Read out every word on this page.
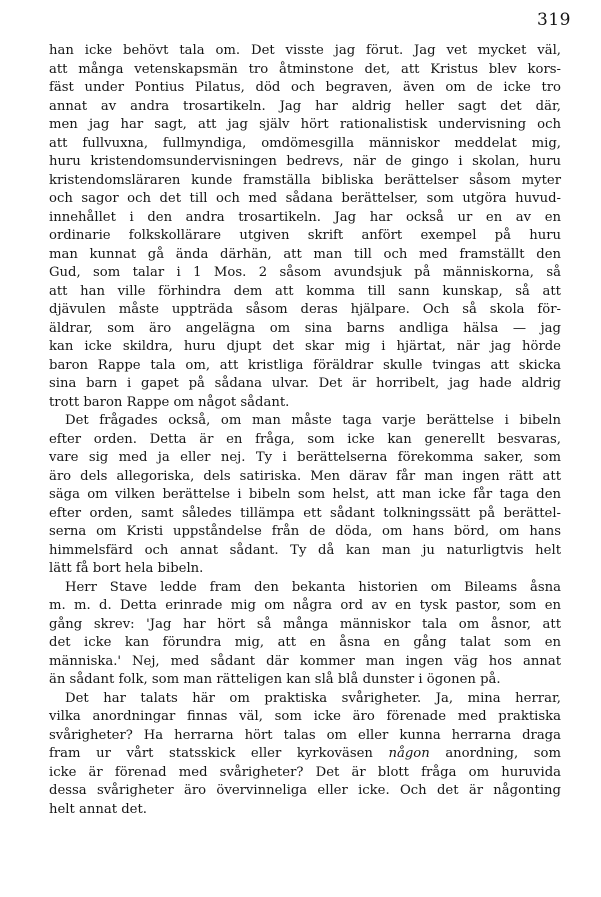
319
han icke behövt tala om. Det visste jag förut. Jag vet mycket väl,
att många vetenskapsmän tro åtminstone det, att Kristus blev kors-
fäst under Pontius Pilatus, död och begraven, även om de icke tro
annat av andra trosartikeln. Jag har aldrig heller sagt det där,
men jag har sagt, att jag själv hört rationalistisk undervisning och
att fullvuxna, fullmyndiga, omdömesgilla människor meddelat mig,
huru kristendomsundervisningen bedrevs, när de gingo i skolan, huru
kristendomsläraren kunde framställa bibliska berättelser såsom myter
och sagor och det till och med sådana berättelser, som utgöra huvud-
innehållet i den andra trosartikeln. Jag har också ur en av en
ordinarie folkskollärare utgiven skrift anfört exempel på huru
man kunnat gå ända därhän, att man till och med framställt den
Gud, som talar i 1 Mos. 2 såsom avundsjuk på människorna, så
att han ville förhindra dem att komma till sann kunskap, så att
djävulen måste uppträda såsom deras hjälpare. Och så skola för-
äldrar, som äro angelägna om sina barns andliga hälsa — jag
kan icke skildra, huru djupt det skar mig i hjärtat, när jag hörde
baron Rappe tala om, att kristliga föräldrar skulle tvingas att skicka
sina barn i gapet på sådana ulvar. Det är horribelt, jag hade aldrig
trott baron Rappe om något sådant.
Det frågades också, om man måste taga varje berättelse i bibeln
efter orden. Detta är en fråga, som icke kan generellt besvaras,
vare sig med ja eller nej. Ty i berättelserna förekomma saker, som
äro dels allegoriska, dels satiriska. Men därav får man ingen rätt att
säga om vilken berättelse i bibeln som helst, att man icke får taga den
efter orden, samt således tillämpa ett sådant tolkningssätt på berättel-
serna om Kristi uppståndelse från de döda, om hans börd, om hans
himmelsfärd och annat sådant. Ty då kan man ju naturligtvis helt
lätt få bort hela bibeln.
Herr Stave ledde fram den bekanta historien om Bileams åsna
m. m. d. Detta erinrade mig om några ord av en tysk pastor, som en
gång skrev: 'Jag har hört så många människor tala om åsnor, att
det icke kan förundra mig, att en åsna en gång talat som en
människa.' Nej, med sådant där kommer man ingen väg hos annat
än sådant folk, som man rätteligen kan slå blå dunster i ögonen på.
Det har talats här om praktiska svårigheter. Ja, mina herrar,
vilka anordningar finnas väl, som icke äro förenade med praktiska
svårigheter? Ha herrarna hört talas om eller kunna herrarna draga
fram ur vårt statsskick eller kyrkoväsen någon anordning, som
icke är förenad med svårigheter? Det är blott fråga om huruvida
dessa svårigheter äro övervinneliga eller icke. Och det är någonting
helt annat det.
